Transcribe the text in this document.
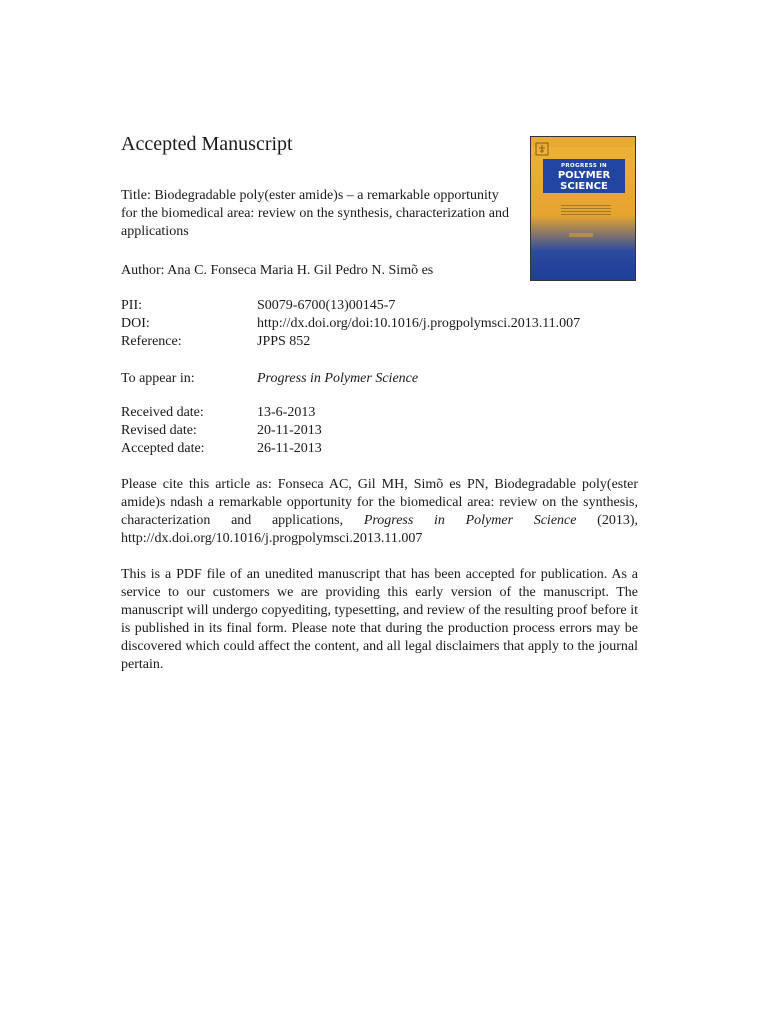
Accepted Manuscript
PROGRESS IN
POLYMER
SCIENCE
Title: Biodegradable poly(ester amide)s – a remarkable opportunity for the biomedical area: review on the synthesis, characterization and applications
Author: Ana C. Fonseca Maria H. Gil Pedro N. Simõ es
PII:	S0079-6700(13)00145-7
DOI:	http://dx.doi.org/doi:10.1016/j.progpolymsci.2013.11.007
Reference:	JPPS 852
To appear in:	Progress in Polymer Science
Received date:	13-6-2013
Revised date:	20-11-2013
Accepted date:	26-11-2013
Please cite this article as: Fonseca AC, Gil MH, Simõ es PN, Biodegradable poly(ester amide)s ndash a remarkable opportunity for the biomedical area: review on the synthesis, characterization and applications, Progress in Polymer Science (2013), http://dx.doi.org/10.1016/j.progpolymsci.2013.11.007
This is a PDF file of an unedited manuscript that has been accepted for publication. As a service to our customers we are providing this early version of the manuscript. The manuscript will undergo copyediting, typesetting, and review of the resulting proof before it is published in its final form. Please note that during the production process errors may be discovered which could affect the content, and all legal disclaimers that apply to the journal pertain.
